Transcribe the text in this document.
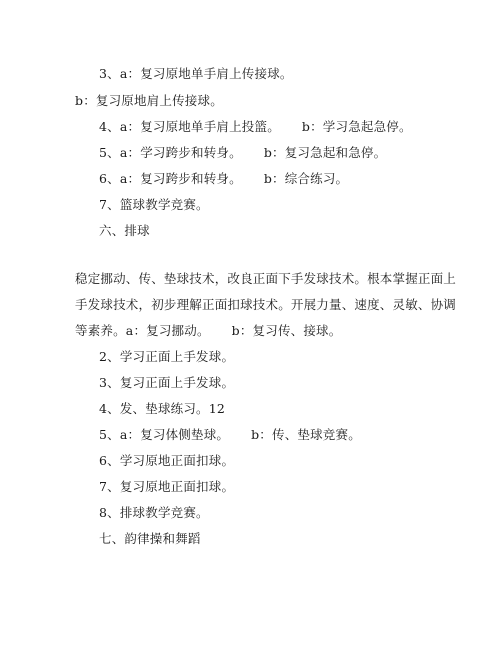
3、a：复习原地单手肩上传接球。
b：复习原地肩上传接球。
4、a：复习原地单手肩上投篮。 b：学习急起急停。
5、a：学习跨步和转身。 b：复习急起和急停。
6、a：复习跨步和转身。 b：综合练习。
7、篮球教学竞赛。
六、排球
稳定挪动、传、垫球技术，改良正面下手发球技术。根本掌握正面上
手发球技术，初步理解正面扣球技术。开展力量、速度、灵敏、协调
等素养。a：复习挪动。 b：复习传、接球。
2、学习正面上手发球。
3、复习正面上手发球。
4、发、垫球练习。12
5、a：复习体侧垫球。 b：传、垫球竞赛。
6、学习原地正面扣球。
7、复习原地正面扣球。
8、排球教学竞赛。
七、韵律操和舞蹈
